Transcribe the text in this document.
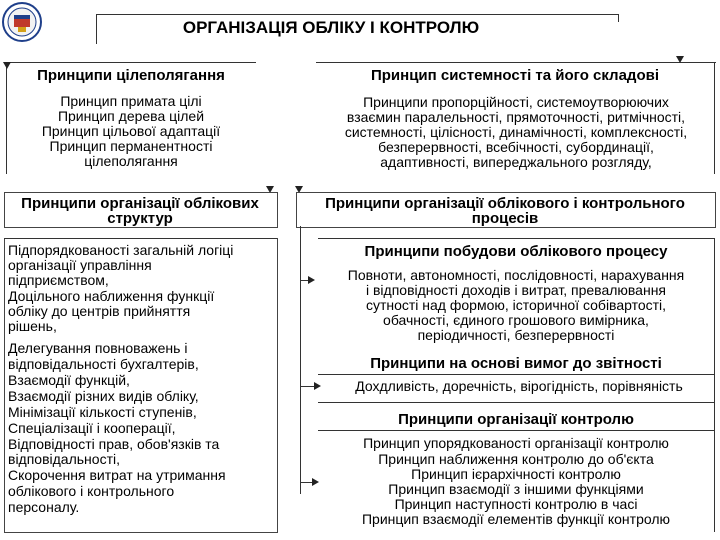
ОРГАНІЗАЦІЯ ОБЛІКУ І КОНТРОЛЮ
Принципи цілеполягання
Принцип примата цілі
Принцип дерева цілей
Принцип цільової адаптації
Принцип перманентності
цілеполягання
Принцип системності та його складові
Принципи пропорційності, системоутворюючих
взаємин паралельності, прямоточності, ритмічності,
системності, цілісності, динамічності, комплексності,
безперервності, всебічності, субординації,
адаптивності, випереджального розгляду,
Принципи організації облікових
структур
Підпорядкованості загальній логіці
організації управління
підприємством,
Доцільного наближення функції
обліку до центрів прийняття
рішень,
Делегування повноважень і
відповідальності бухгалтерів,
Взаємодії функцій,
Взаємодії різних видів обліку,
Мінімізації кількості ступенів,
Спеціалізації і кооперації,
Відповідності прав, обов'язків та
відповідальності,
Скорочення витрат на утримання
облікового і контрольного
персоналу.
Принципи організації облікового і контрольного
процесів
Принципи побудови облікового процесу
Повноти, автономності, послідовності, нарахування
і відповідності доходів і витрат, превалювання
сутності над формою, історичної собівартості,
обачності, єдиного грошового вимірника,
періодичності, безперервності
Принципи на основі вимог до звітності
Дохдливість, доречність, вірогідність, порівняність
Принципи організації контролю
Принцип упорядкованості організації контролю
Принцип наближення контролю до об'єкта
Принцип ієрархічності контролю
Принцип взаємодії з іншими функціями
Принцип наступності контролю в часі
Принцип взаємодії елементів функції контролю
